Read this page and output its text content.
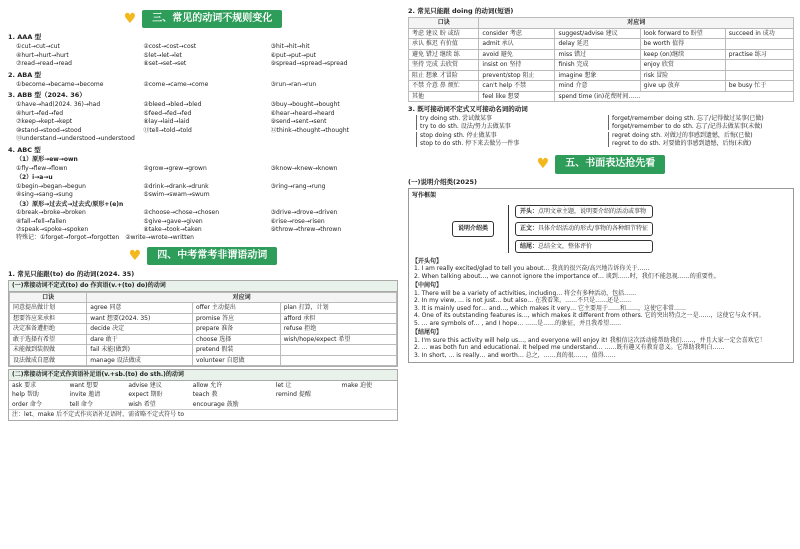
♥	三、常见的动词不规则变化
1. AAA 型
①cut→cut→cut	②cost→cost→cost	③hit→hit→hit
④hurt→hurt→hurt	⑤let→let→let	⑥put→put→put
⑦read→read→read	⑧set→set→set	⑨spread→spread→spread
2. ABA 型
①become→became→become	②come→came→come	③run→ran→run
3. ABB 型（2024. 36）
①have→had(2024. 36)→had	②bleed→bled→bled	③buy→bought→bought
④hurt→fed→fed	⑤feed→fed→fed	⑥hear→heard→heard
⑦keep→kept→kept	⑧lay→laid→laid	⑨send→sent→sent
⑩stand→stood→stood	⑪tell→told→told	⑫think→thought→thought
⑬understand→understood→understood
4. ABC 型
（1）原形→ew→own
①fly→flew→flown	②grow→grew→grown	③know→knew→known
（2）i→a→u
①begin→began→begun	②drink→drank→drunk	③ring→rang→rung
④sing→sang→sung	⑤swim→swam→swum
（3）原形→过去式→过去式/原形+(e)n
①break→broke→broken	②choose→chose→chosen	③drive→drove→driven
④fall→fell→fallen	⑤give→gave→given	⑥rise→rose→risen
⑦speak→spoke→spoken	⑧take→took→taken	⑨throw→threw→thrown
特殊记：①forget→forgot→forgotten　②write→wrote→written
♥	四、中考常考非谓语动词
1. 常见只能跟(to) do 的动词(2024. 35)
(一)常接动词不定式(to) do 作宾语(v.+(to) do)的动词
口诀	对应词		
同意提出做计划	agree 同意	offer 主动提出	plan 打算，计划
想要答应来承担	want 想要(2024. 35)	promise 答应	afford 承担
决定准备遭拒绝	decide 决定	prepare 准备	refuse 拒绝
敢于选择有希望	dare 敢于	choose 选择	wish/hope/expect 希望
未能做到装假做	fail 未能(做到)	pretend 假装	
设法做成自愿做	manage 设法做成	volunteer 自愿做	
(二)常接动词不定式作宾语补足语(v.+sb.(to) do sth.)的动词
ask 要求	want 想要	advise 建议	allow 允许	let 让	make 迫使
help 帮助	invite 邀请	expect 期盼	teach 教	remind 提醒	
order 命令	tell 命令	wish 希望	encourage 鼓励		
注：let、make 后不定式作宾语补足语时，需省略不定式符号 to
2. 常见只能跟 doing 的动词(短语)
口诀	对应词			
考虑 建议 盼 或结	consider 考虑	suggest/advise 建议	look forward to 盼望	succeed in 成功
承认 推迟 有价值	admit 承认	delay 延迟	be worth 值得	
避免 错过 继续 练	avoid 避免	miss 错过	keep (on)继续	practise 练习
坚持 完成 去欣赏	insist on 坚持	finish 完成	enjoy 欣赏	
阻止 想象 才冒险	prevent/stop 阻止	imagine 想象	risk 冒险	
不禁 介意 鼻 烦忙	can't help 不禁	mind 介意	give up 放弃	be busy 忙于
其他	feel like 想要	spend time (in)花费时间……		
3. 既可接动词不定式又可接动名词的动词
try doing sth. 尝试做某事
try to do sth. 设法/努力去做某事
forget/remember doing sth. 忘了/记得做过某事(已做)
forget/remember to do sth. 忘了/记得去做某事(未做)
stop doing sth. 停止做某事
stop to do sth. 停下来去做另一件事
regret doing sth. 对做过的事感到遗憾，后悔(已做)
regret to do sth. 对要做的事感到遗憾，后悔(未做)
♥	五、书面表达抢先看
(一)说明介绍类(2025)
写作框架
说明介绍类
开头：点明文章主题，说明要介绍的活动或事物
正文：具体介绍活动的形式/事物的各种细节特征
结尾：总结全文，整体评价
【开头句】
1. I am really excited/glad to tell you about… 我真的很兴奋/高兴地告诉你关于……
2. When talking about…, we cannot ignore the importance of… 谈到……时，我们不能忽视……的重要性。
【中间句】
1. There will be a variety of activities, including… 将会有多种活动，包括……
2. In my view, … is not just… but also… 在我看来，……不只是……还是……
3. It is mainly used for… and…, which makes it very… 它主要用于……和……，这使它非常……
4. One of its outstanding features is…, which makes it different from others. 它的突出特点之一是……，这使它与众不同。
5. … are symbols of… , and I hope… ……是……的象征，并且我希望……
【结尾句】
1. I'm sure this activity will help us…, and everyone will enjoy it! 我相信这次活动能帮助我们……，并且大家一定会喜欢它！
2. … was both fun and educational. It helped me understand… ……既有趣又有教育意义。它帮助我明白……
3. In short, … is really… and worth… 总之，……真的很……，值得……
